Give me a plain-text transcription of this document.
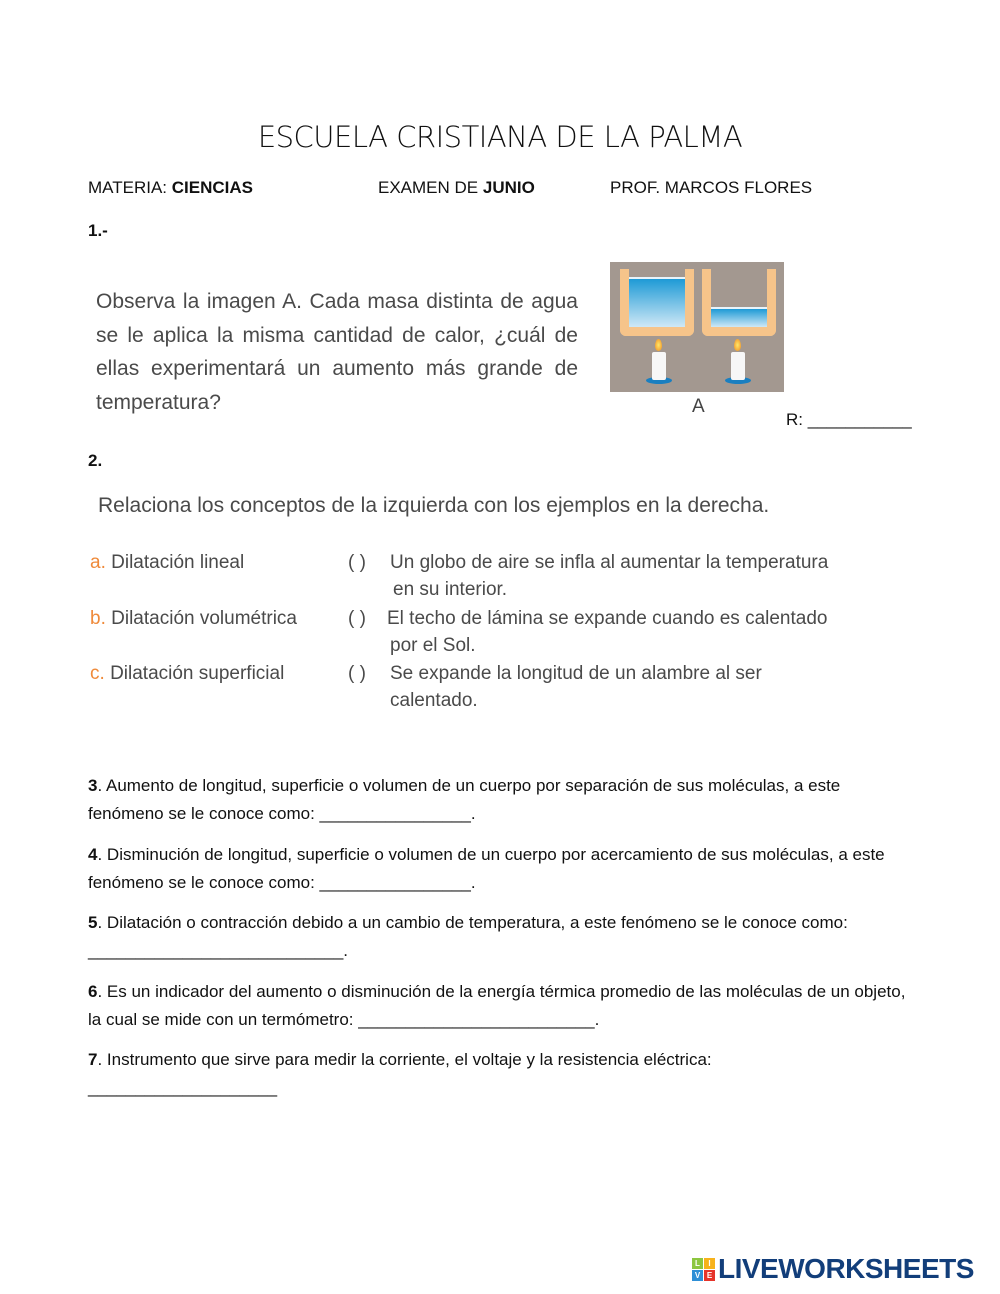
ESCUELA CRISTIANA DE LA PALMA
MATERIA: CIENCIAS	EXAMEN DE JUNIO	PROF. MARCOS FLORES
1.-
Observa la imagen A. Cada masa distinta de agua se le aplica la misma cantidad de calor, ¿cuál de ellas experimentará un aumento más grande de temperatura?	A
R: ___________
2.
Relaciona los conceptos de la izquierda con los ejemplos en la derecha.
a. Dilatación lineal	( ) Un globo de aire se infla al aumentar la temperatura
en su interior.
b. Dilatación volumétrica	( ) El techo de lámina se expande cuando es calentado
por el Sol.
c. Dilatación superficial	( ) Se expande la longitud de un alambre al ser
calentado.
3. Aumento de longitud, superficie o volumen de un cuerpo por separación de sus moléculas, a este fenómeno se le conoce como: ________________.
4. Disminución de longitud, superficie o volumen de un cuerpo por acercamiento de sus moléculas, a este fenómeno se le conoce como: ________________.
5. Dilatación o contracción debido a un cambio de temperatura, a este fenómeno se le conoce como: ___________________________.
6. Es un indicador del aumento o disminución de la energía térmica promedio de las moléculas de un objeto, la cual se mide con un termómetro: _________________________.
7. Instrumento que sirve para medir la corriente, el voltaje y la resistencia eléctrica:
____________________
L	I
V E LIVEWORKSHEETS
